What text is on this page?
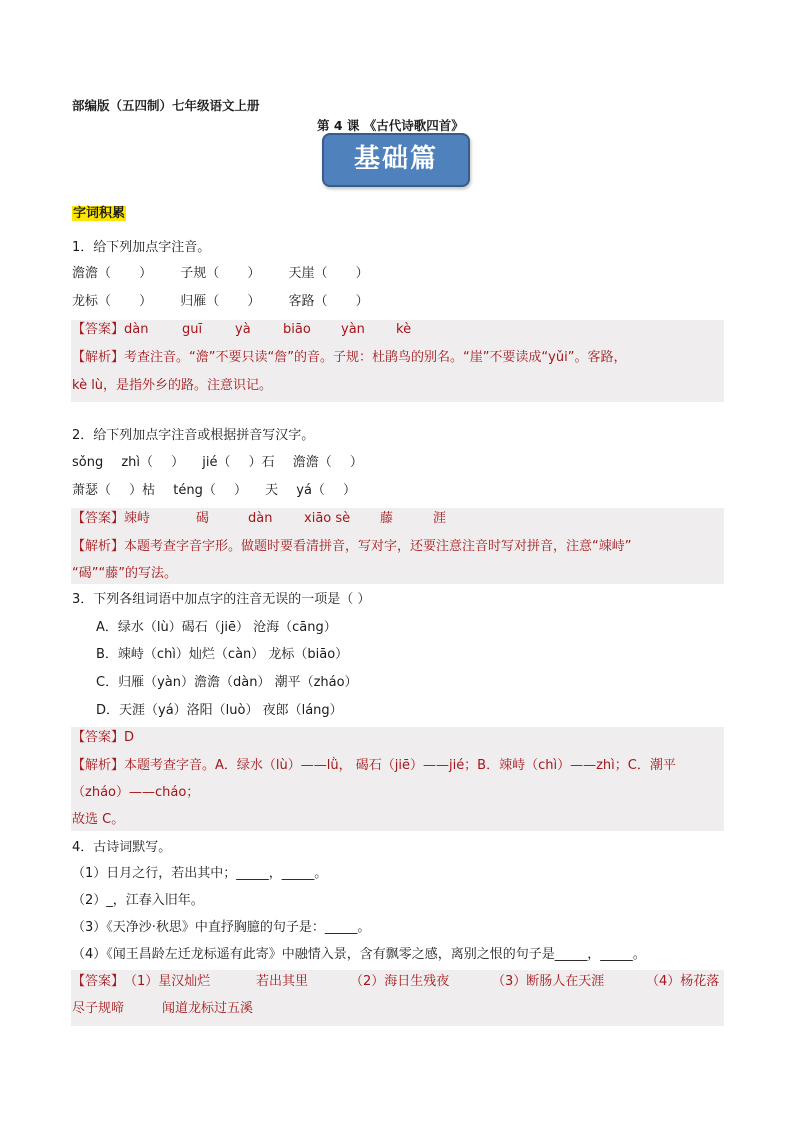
部编版（五四制）七年级语文上册
第 4 课 《古代诗歌四首》
基础篇
字词积累
1．给下列加点字注音。
澹澹（ ） 子规（ ） 天崖（ ）
龙标（ ） 归雁（ ） 客路（ ）
【答案】dàn	guī	yà biāo yàn kè
【解析】考查注音。“澹”不要只读“詹”的音。子规：杜鹃鸟的别名。“崖”不要读成“yǔi”。客路，
kè lù，是指外乡的路。注意识记。
2．给下列加点字注音或根据拼音写汉字。
sǒng zhì（ ） jié（ ）石 澹澹（ ）
萧瑟（ ）枯 téng（ ） 天 yá（ ）
【答案】竦峙	碣	dàn xiāo sè 藤	涯
【解析】本题考查字音字形。做题时要看清拼音，写对字，还要注意注音时写对拼音，注意“竦峙”
“碣”“藤”的写法。
3．下列各组词语中加点字的注音无误的一项是（ ）
A．绿水（lù）碣石（jiē） 沧海（cāng）
B．竦峙（chì）灿烂（càn） 龙标（biāo）
C．归雁（yàn）澹澹（dàn） 潮平（zháo）
D．天涯（yá）洛阳（luò） 夜郎（láng）
【答案】D
【解析】本题考查字音。A．绿水（lù）——lǜ， 碣石（jiē）——jié；B．竦峙（chì）——zhì；C．潮平
（zháo）——cháo；
故选 C。
4．古诗词默写。
（1）日月之行，若出其中；_____，_____。
（2）_，江春入旧年。
（3）《天净沙·秋思》中直抒胸臆的句子是：_____。
（4）《闻王昌龄左迁龙标遥有此寄》中融情入景，含有飘零之感，离别之恨的句子是_____，_____。
【答案】（1）星汉灿烂	若出其里	（2）海日生残夜	（3）断肠人在天涯	（4）杨花落
尽子规啼	闻道龙标过五溪
